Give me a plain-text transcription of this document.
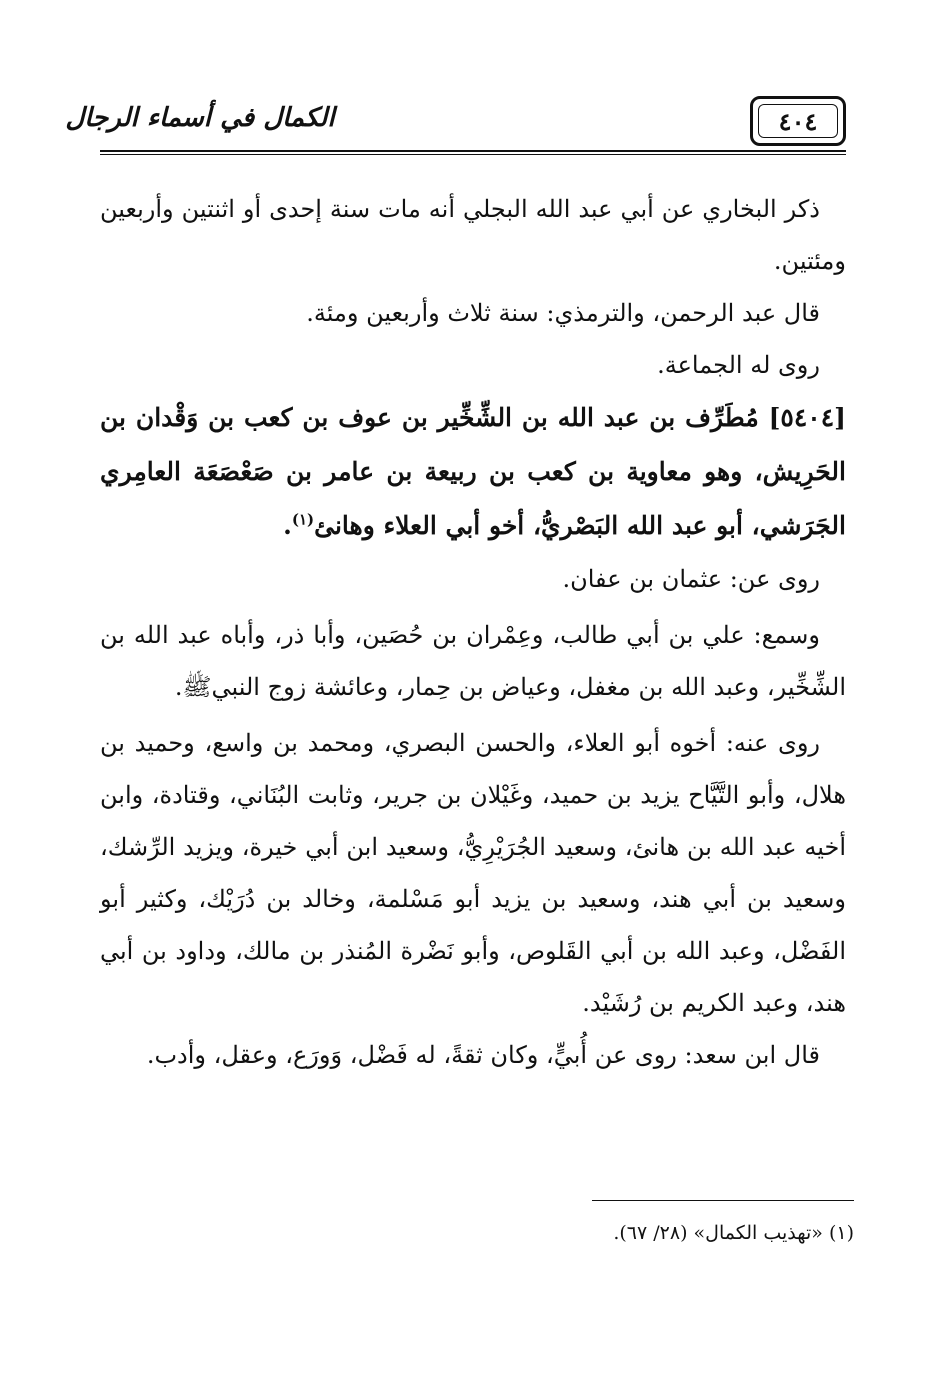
٤٠٤
الكمال في أسماء الرجال

ذكر البخاري عن أبي عبد الله البجلي أنه مات سنة إحدى أو اثنتين وأربعين ومئتين.

قال عبد الرحمن، والترمذي: سنة ثلاث وأربعين ومئة.

روى له الجماعة.

[٥٤٠٤] مُطَرِّف بن عبد الله بن الشِّخِّير بن عوف بن كعب بن وَقْدان بن الحَرِيش، وهو معاوية بن كعب بن ربيعة بن عامر بن صَعْصَعَة العامِري الجَرَشي، أبو عبد الله البَصْريُّ، أخو أبي العلاء وهانئ$^{(١)}$.

روى عن: عثمان بن عفان.

وسمع: علي بن أبي طالب، وعِمْران بن حُصَين، وأبا ذر، وأباه عبد الله بن الشِّخِّير، وعبد الله بن مغفل، وعياض بن حِمار، وعائشة زوج النبيﷺ.

روى عنه: أخوه أبو العلاء، والحسن البصري، ومحمد بن واسع، وحميد بن هلال، وأبو التَّيَّاح يزيد بن حميد، وغَيْلان بن جرير، وثابت البُنَاني، وقتادة، وابن أخيه عبد الله بن هانئ، وسعيد الجُرَيْرِيُّ، وسعيد ابن أبي خيرة، ويزيد الرِّشك، وسعيد بن أبي هند، وسعيد بن يزيد أبو مَسْلمة، وخالد بن دُرَيْك، وكثير أبو الفَضْل، وعبد الله بن أبي القَلوص، وأبو نَضْرة المُنذر بن مالك، وداود بن أبي هند، وعبد الكريم بن رُشَيْد.

قال ابن سعد: روى عن أُبيٍّ، وكان ثقةً، له فَضْل، وَورَع، وعقل، وأدب.

(١) «تهذيب الكمال» (٢٨/ ٦٧).
